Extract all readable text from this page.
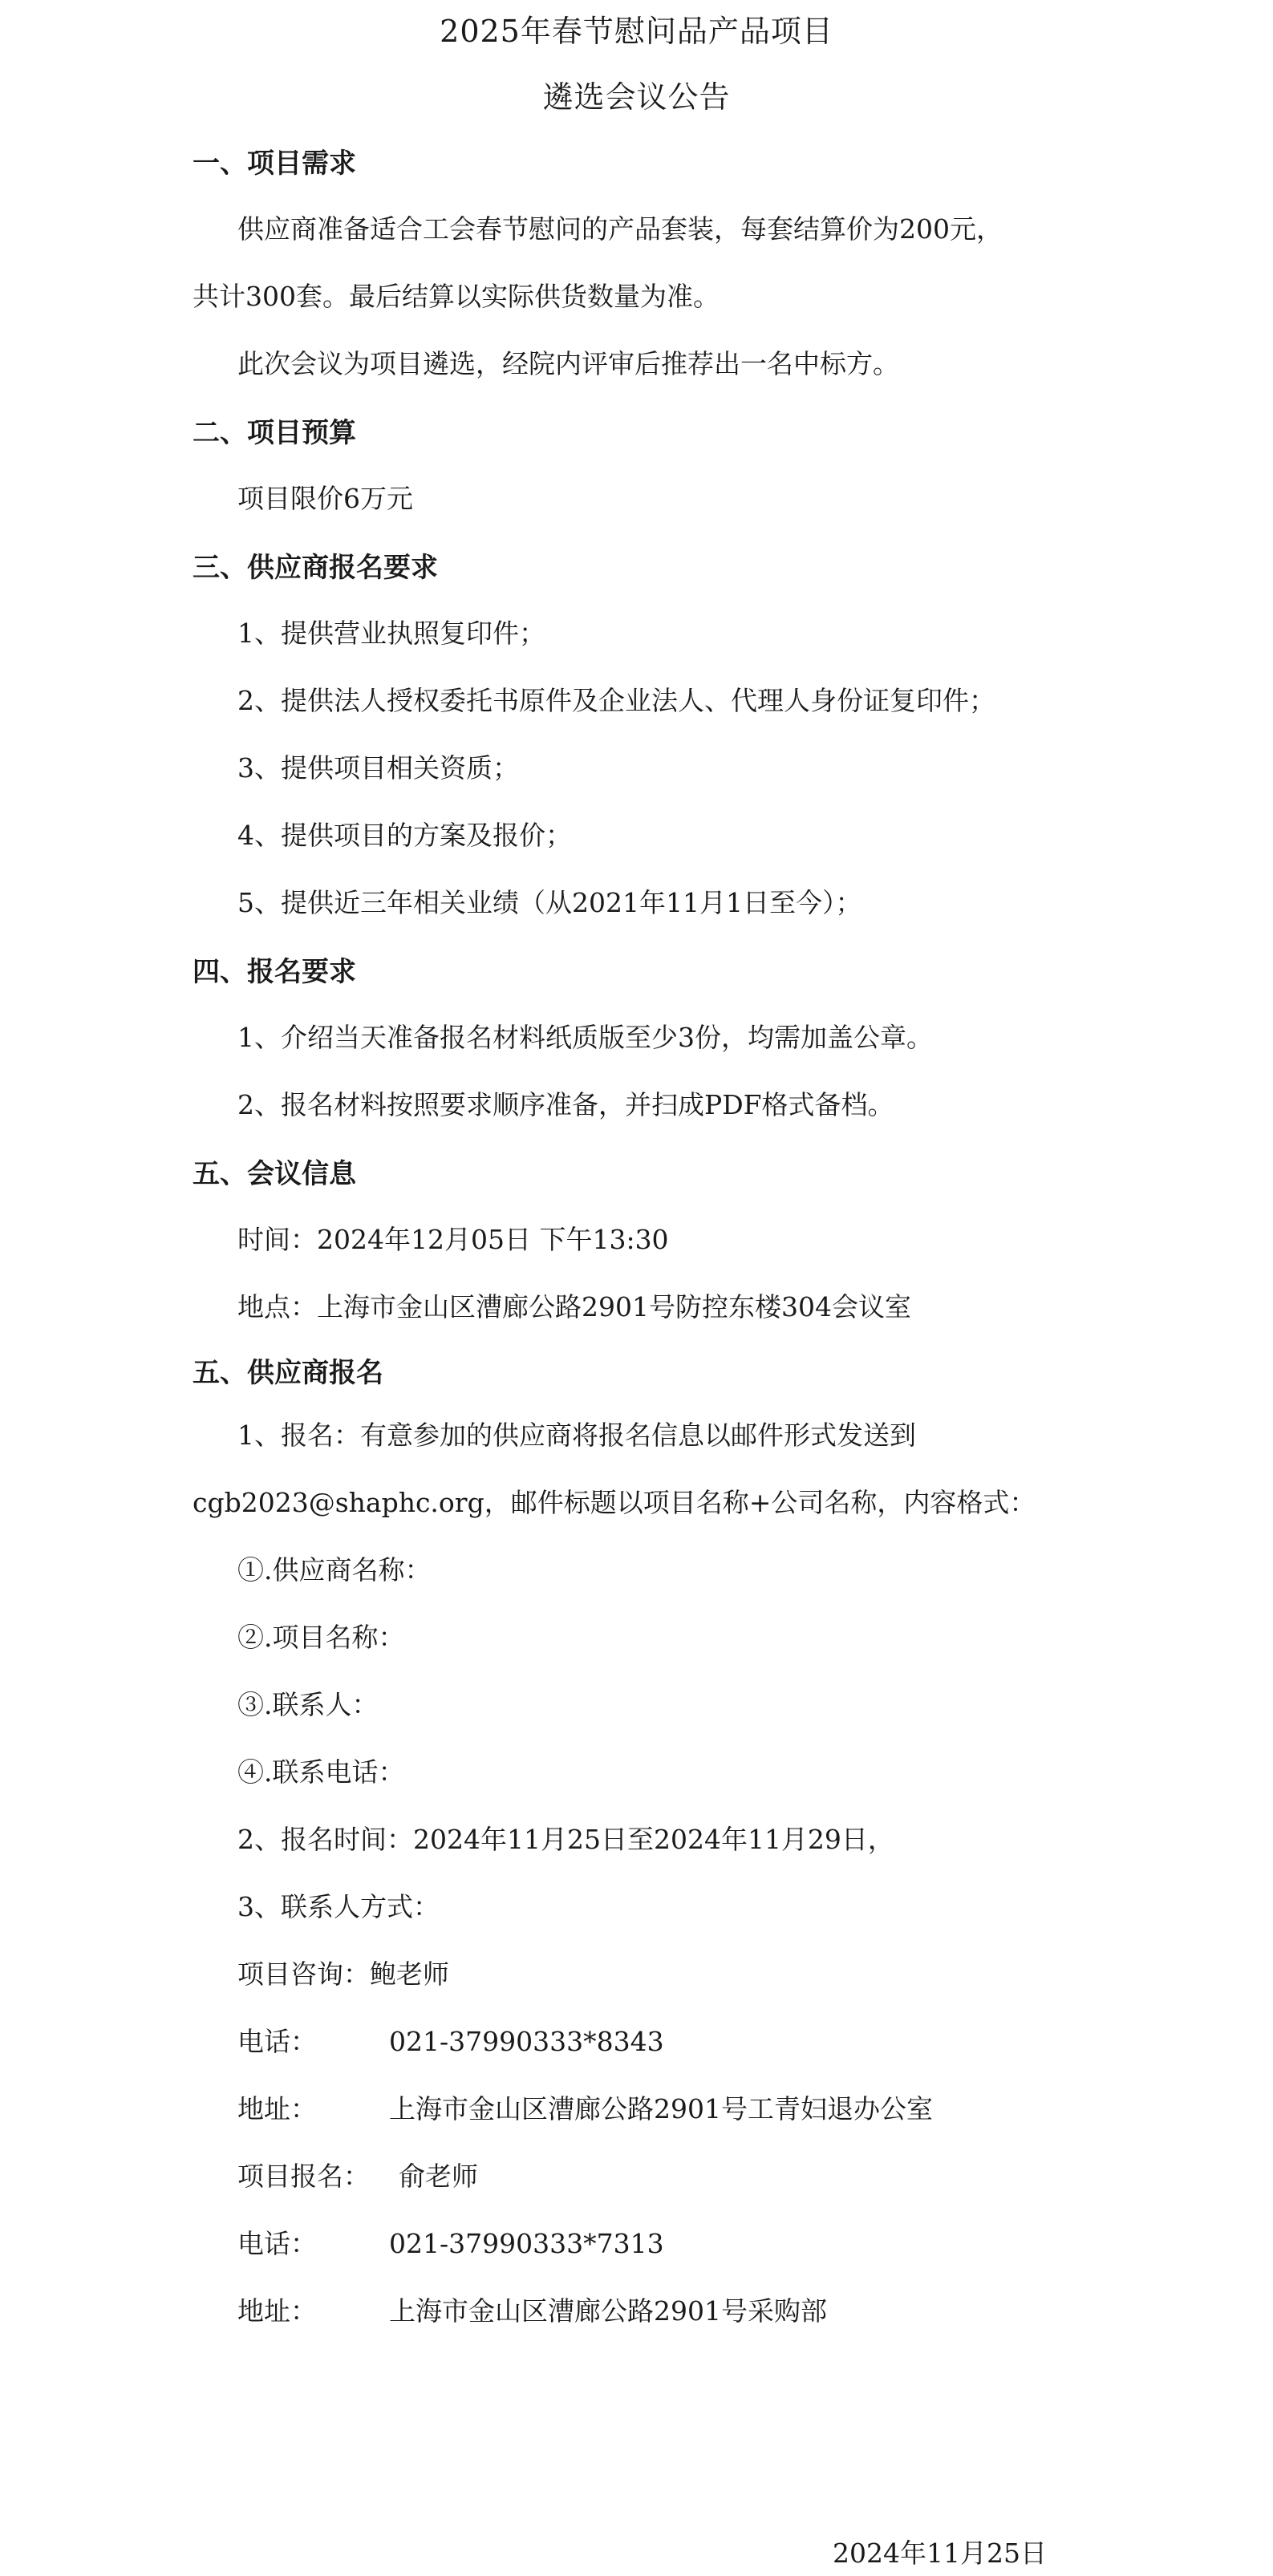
2025年春节慰问品产品项目
遴选会议公告
一、项目需求
供应商准备适合工会春节慰问的产品套装，每套结算价为200元，
共计300套。最后结算以实际供货数量为准。
此次会议为项目遴选，经院内评审后推荐出一名中标方。
二、项目预算
项目限价6万元
三、供应商报名要求
1、提供营业执照复印件；
2、提供法人授权委托书原件及企业法人、代理人身份证复印件；
3、提供项目相关资质；
4、提供项目的方案及报价；
5、提供近三年相关业绩（从2021年11月1日至今）；
四、报名要求
1、介绍当天准备报名材料纸质版至少3份，均需加盖公章。
2、报名材料按照要求顺序准备，并扫成PDF格式备档。
五、会议信息
时间：2024年12月05日 下午13:30
地点：上海市金山区漕廊公路2901号防控东楼304会议室
五、供应商报名
1、报名：有意参加的供应商将报名信息以邮件形式发送到
cgb2023@shaphc.org，邮件标题以项目名称+公司名称，内容格式：
①.供应商名称：
②.项目名称：
③.联系人：
④.联系电话：
2、报名时间：2024年11月25日至2024年11月29日，
3、联系人方式：
项目咨询：鲍老师
电话：	021-37990333*8343
地址：	上海市金山区漕廊公路2901号工青妇退办公室
项目报名： 俞老师
电话：	021-37990333*7313
地址：	上海市金山区漕廊公路2901号采购部
2024年11月25日
